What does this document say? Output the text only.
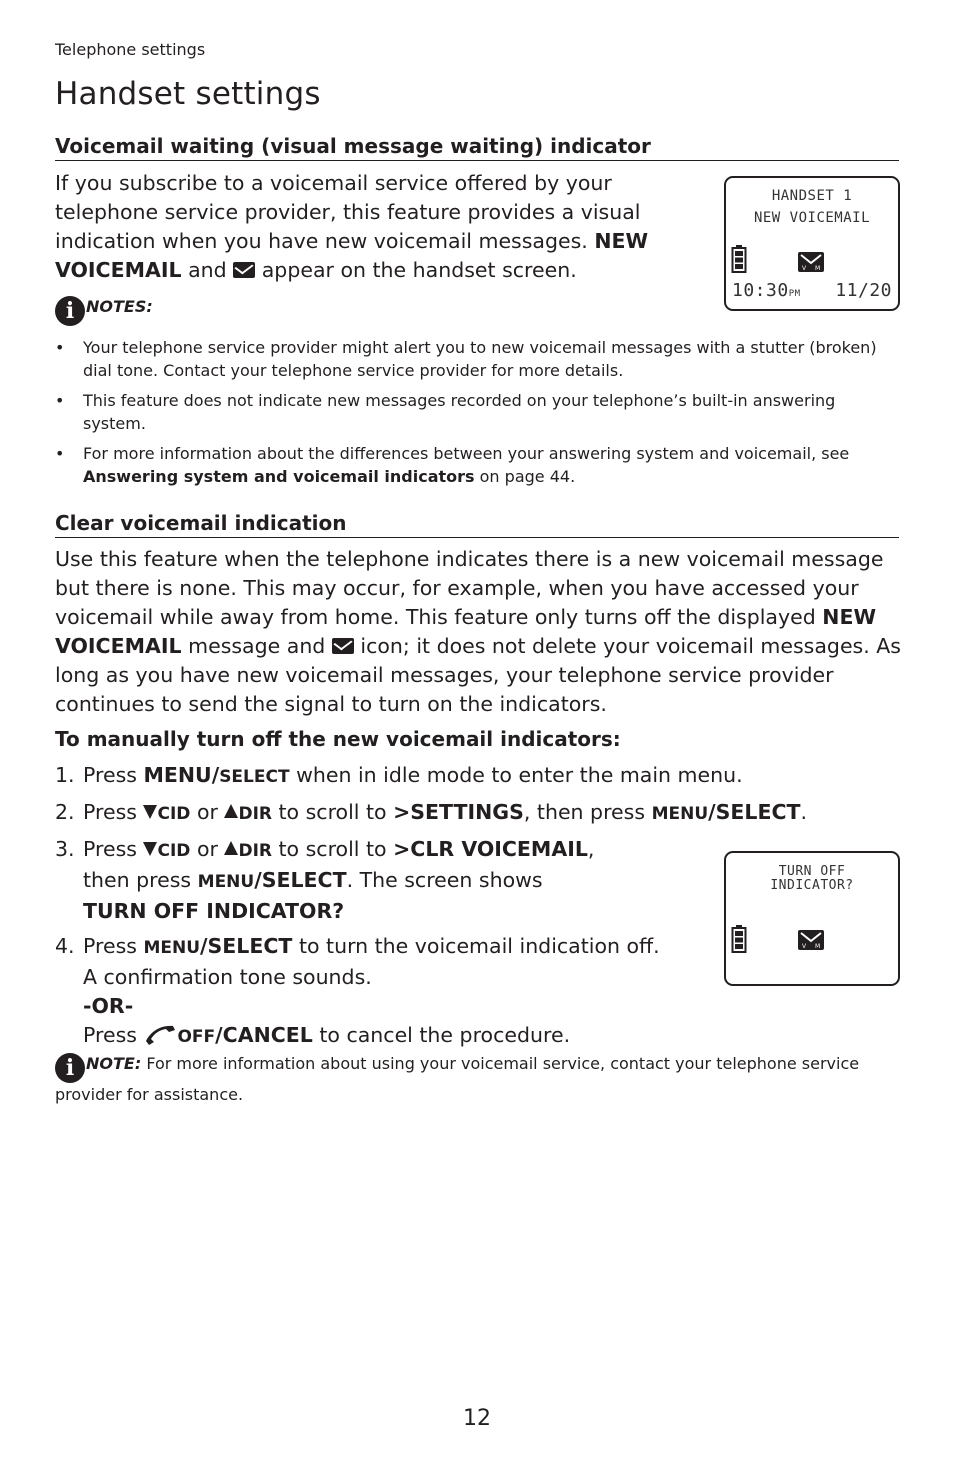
Telephone settings
Handset settings
Voicemail waiting (visual message waiting) indicator
If you subscribe to a voicemail service offered by your telephone service provider, this feature provides a visual indication when you have new voicemail messages. NEW VOICEMAIL and appear on the handset screen.
HANDSET 1
NEW VOICEMAIL
V M
10:30PM 11/20
i NOTES:
• Your telephone service provider might alert you to new voicemail messages with a stutter (broken) dial tone. Contact your telephone service provider for more details.
• This feature does not indicate new messages recorded on your telephone’s built-in answering system.
• For more information about the differences between your answering system and voicemail, see Answering system and voicemail indicators on page 44.
Clear voicemail indication
Use this feature when the telephone indicates there is a new voicemail message but there is none. This may occur, for example, when you have accessed your voicemail while away from home. This feature only turns off the displayed NEW VOICEMAIL message and icon; it does not delete your voicemail messages. As long as you have new voicemail messages, your telephone service provider continues to send the signal to turn on the indicators.
To manually turn off the new voicemail indicators:
1. Press MENU/SELECT when in idle mode to enter the main menu.
2. Press CID or DIR to scroll to >SETTINGS, then press MENU/SELECT.
3. Press CID or DIR to scroll to >CLR VOICEMAIL,
then press MENU/SELECT. The screen shows
TURN OFF INDICATOR?
4. Press MENU/SELECT to turn the voicemail indication off.
A confirmation tone sounds.
-OR-
Press OFF/CANCEL to cancel the procedure.
TURN OFF
INDICATOR?
V M
i NOTE: For more information about using your voicemail service, contact your telephone service provider for assistance.
12
